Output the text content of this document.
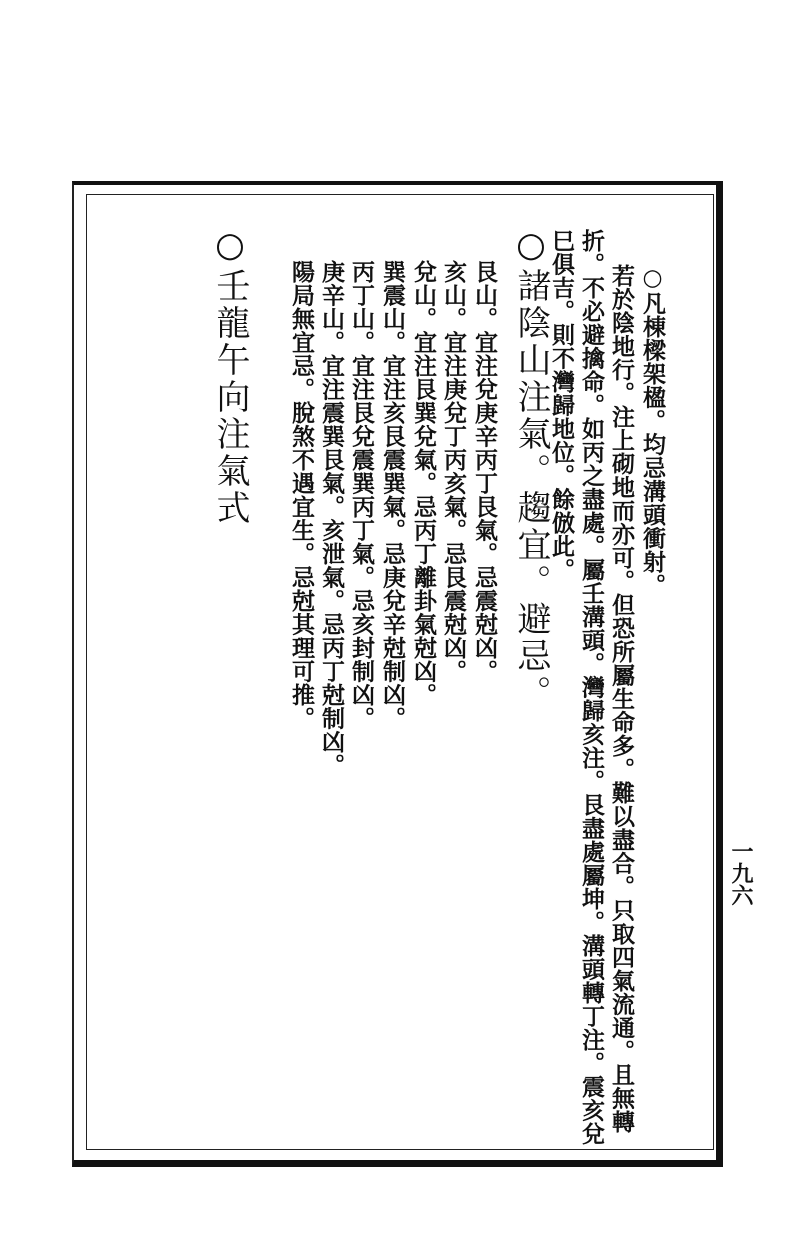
○凡棟樑架楹。均忌溝頭衝射。
若於陰地行。注上砌地而亦可。但恐所屬生命多。難以盡合。只取四氣流通。且無轉
折。不必避擒命。如丙之盡處。屬壬溝頭。灣歸亥注。艮盡處屬坤。溝頭轉丁注。震亥兌
巳俱吉。則不灣歸地位。餘倣此。
○諸陰山注氣。趨宜。避忌。
艮山。宜注兌庚辛丙丁艮氣。忌震尅凶。
亥山。宜注庚兌丁丙亥氣。忌艮震尅凶。
兌山。宜注艮巽兌氣。忌丙丁離卦氣尅凶。
巽震山。宜注亥艮震巽氣。忌庚兌辛尅制凶。
丙丁山。宜注艮兌震巽丙丁氣。忌亥封制凶。
庚辛山。宜注震巽艮氣。亥泄氣。忌丙丁尅制凶。
陽局無宜忌。脫煞不遇宜生。忌尅其理可推。
○壬龍午向注氣式
一九六
